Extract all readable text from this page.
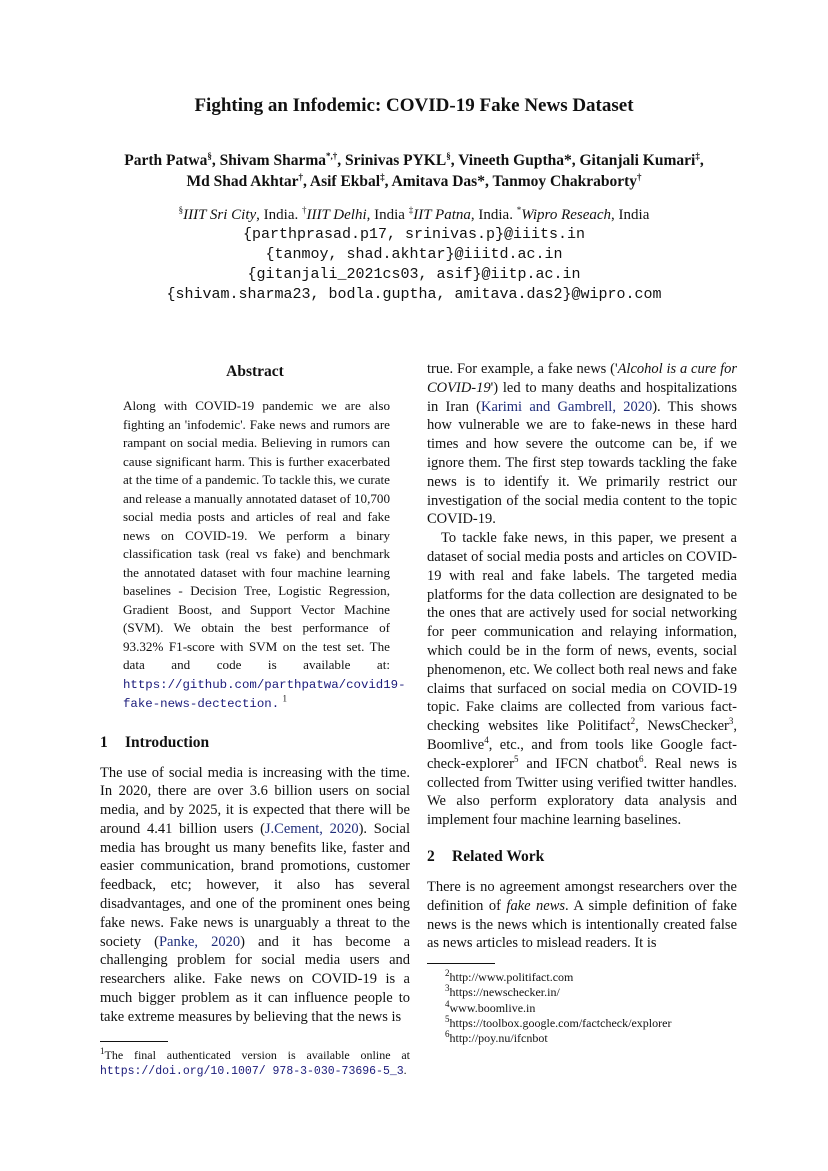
Fighting an Infodemic: COVID-19 Fake News Dataset
Parth Patwa§, Shivam Sharma*,†, Srinivas PYKL§, Vineeth Guptha*, Gitanjali Kumari‡,
Md Shad Akhtar†, Asif Ekbal‡, Amitava Das*, Tanmoy Chakraborty†
§IIIT Sri City, India. †IIIT Delhi, India ‡IIT Patna, India. *Wipro Reseach, India
{parthprasad.p17, srinivas.p}@iiits.in
{tanmoy, shad.akhtar}@iiitd.ac.in
{gitanjali_2021cs03, asif}@iitp.ac.in
{shivam.sharma23, bodla.guptha, amitava.das2}@wipro.com
Abstract
Along with COVID-19 pandemic we are also fighting an 'infodemic'. Fake news and rumors are rampant on social media. Believing in rumors can cause significant harm. This is further exacerbated at the time of a pandemic. To tackle this, we curate and release a manually annotated dataset of 10,700 social media posts and articles of real and fake news on COVID-19. We perform a binary classification task (real vs fake) and benchmark the annotated dataset with four machine learning baselines - Decision Tree, Logistic Regression, Gradient Boost, and Support Vector Machine (SVM). We obtain the best performance of 93.32% F1-score with SVM on the test set. The data and code is available at: https://github.com/parthpatwa/covid19-fake-news-dectection. $^1$
1 Introduction

The use of social media is increasing with the time. In 2020, there are over 3.6 billion users on social media, and by 2025, it is expected that there will be around 4.41 billion users (J.Cement, 2020). Social media has brought us many benefits like, faster and easier communication, brand promotions, customer feedback, etc; however, it also has several disadvantages, and one of the prominent ones being fake news. Fake news is unarguably a threat to the society (Panke, 2020) and it has become a challenging problem for social media users and researchers alike. Fake news on COVID-19 is a much bigger problem as it can influence people to take extreme measures by believing that the news is

$^1$The final authenticated version is available online at https://doi.org/10.1007/ 978-3-030-73696-5_3.

true. For example, a fake news ('Alcohol is a cure for COVID-19') led to many deaths and hospitalizations in Iran (Karimi and Gambrell, 2020). This shows how vulnerable we are to fake-news in these hard times and how severe the outcome can be, if we ignore them. The first step towards tackling the fake news is to identify it. We primarily restrict our investigation of the social media content to the topic COVID-19.

To tackle fake news, in this paper, we present a dataset of social media posts and articles on COVID-19 with real and fake labels. The targeted media platforms for the data collection are designated to be the ones that are actively used for social networking for peer communication and relaying information, which could be in the form of news, events, social phenomenon, etc. We collect both real news and fake claims that surfaced on social media on COVID-19 topic. Fake claims are collected from various fact-checking websites like Politifact$^2$, NewsChecker$^3$, Boomlive$^4$, etc., and from tools like Google fact-check-explorer$^5$ and IFCN chatbot$^6$. Real news is collected from Twitter using verified twitter handles. We also perform exploratory data analysis and implement four machine learning baselines.

2 Related Work

There is no agreement amongst researchers over the definition of fake news. A simple definition of fake news is the news which is intentionally created false as news articles to mislead readers. It is

$^2$http://www.politifact.com
$^3$https://newschecker.in/
$^4$www.boomlive.in
$^5$https://toolbox.google.com/factcheck/explorer
$^6$http://poy.nu/ifcnbot
